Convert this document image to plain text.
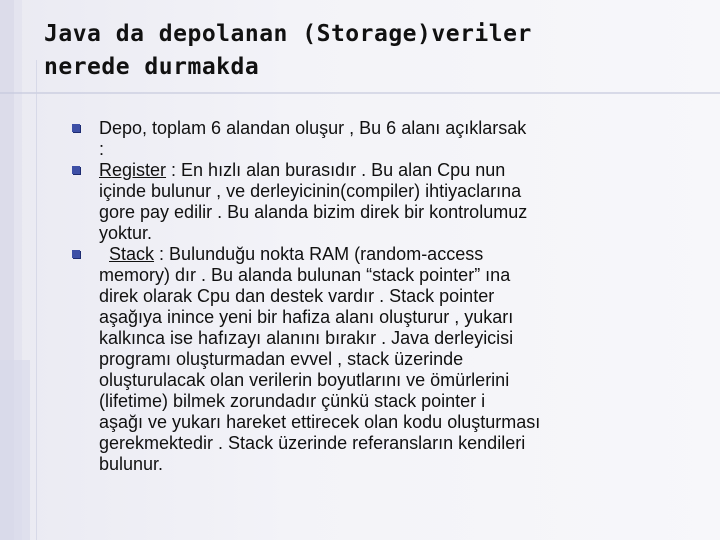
Java da depolanan (Storage)veriler
nerede durmakda
Depo, toplam 6 alandan oluşur , Bu 6 alanı açıklarsak
:
Register : En hızlı alan burasıdır . Bu alan Cpu nun
içinde bulunur , ve derleyicinin(compiler) ihtiyaclarına
gore pay edilir . Bu alanda bizim direk bir kontrolumuz
yoktur.
Stack : Bulunduğu nokta RAM (random-access
memory) dır . Bu alanda bulunan “stack pointer” ına
direk olarak Cpu dan destek vardır . Stack pointer
aşağıya inince yeni bir hafiza alanı oluşturur , yukarı
kalkınca ise hafızayı alanını bırakır . Java derleyicisi
programı oluşturmadan evvel , stack üzerinde
oluşturulacak olan verilerin boyutlarını ve ömürlerini
(lifetime) bilmek zorundadır çünkü stack pointer i
aşağı ve yukarı hareket ettirecek olan kodu oluşturması
gerekmektedir . Stack üzerinde referansların kendileri
bulunur.
